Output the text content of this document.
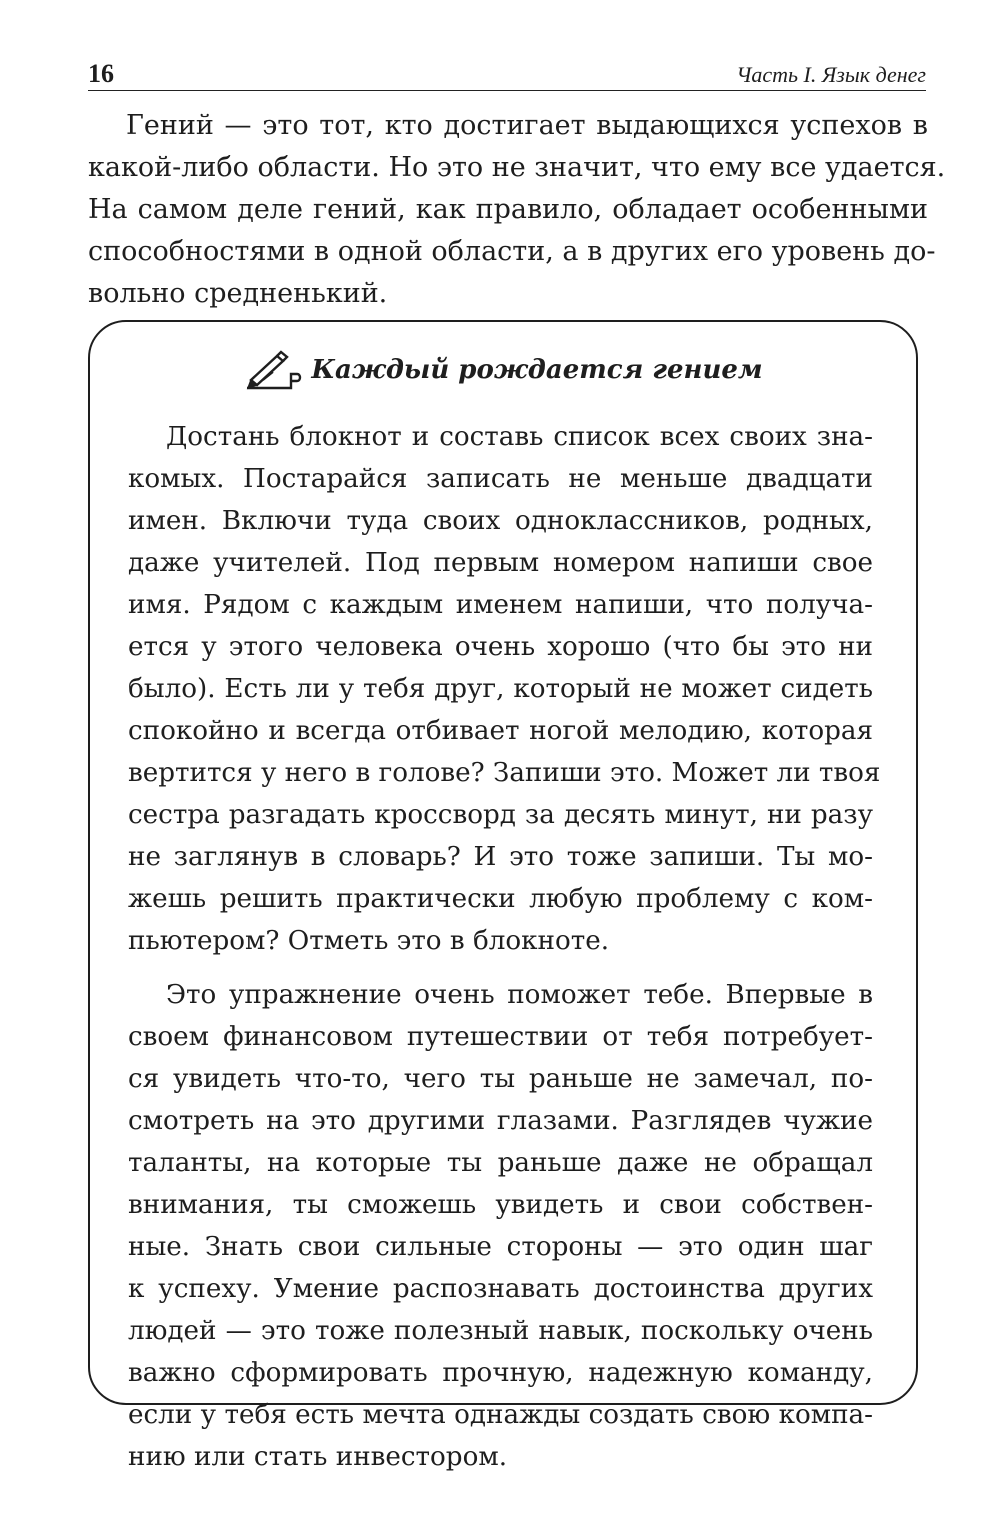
16	Часть I. Язык денег
Гений — это тот, кто достигает выдающихся успехов в
какой-либо области. Но это не значит, что ему все удается.
На самом деле гений, как правило, обладает особенными
способностями в одной области, а в других его уровень до-
вольно средненький.
Каждый рождается гением
Достань блокнот и составь список всех своих зна-
комых. Постарайся записать не меньше двадцати
имен. Включи туда своих одноклассников, родных,
даже учителей. Под первым номером напиши свое
имя. Рядом с каждым именем напиши, что получа-
ется у этого человека очень хорошо (что бы это ни
было). Есть ли у тебя друг, который не может сидеть
спокойно и всегда отбивает ногой мелодию, которая
вертится у него в голове? Запиши это. Может ли твоя
сестра разгадать кроссворд за десять минут, ни разу
не заглянув в словарь? И это тоже запиши. Ты мо-
жешь решить практически любую проблему с ком-
пьютером? Отметь это в блокноте.
Это упражнение очень поможет тебе. Впервые в
своем финансовом путешествии от тебя потребует-
ся увидеть что-то, чего ты раньше не замечал, по-
смотреть на это другими глазами. Разглядев чужие
таланты, на которые ты раньше даже не обращал
внимания, ты сможешь увидеть и свои собствен-
ные. Знать свои сильные стороны — это один шаг
к успеху. Умение распознавать достоинства других
людей — это тоже полезный навык, поскольку очень
важно сформировать прочную, надежную команду,
если у тебя есть мечта однажды создать свою компа-
нию или стать инвестором.
